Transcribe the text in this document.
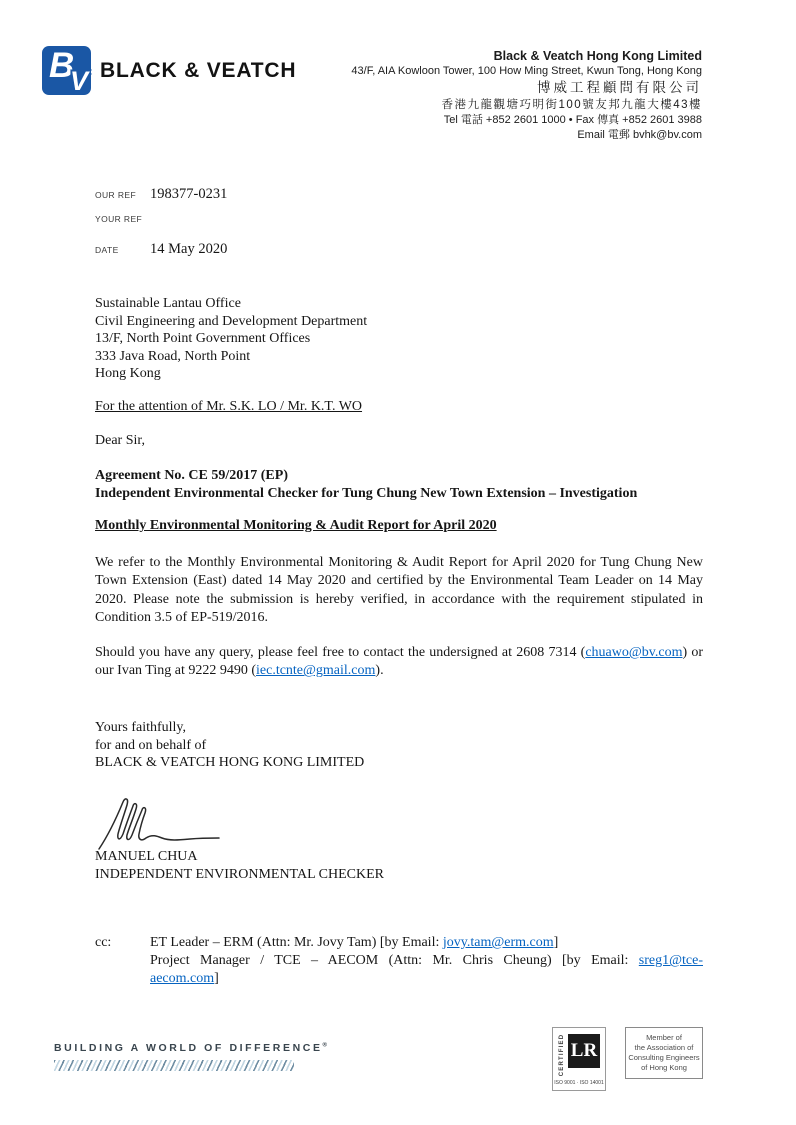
B
V BLACK & VEATCH
Black & Veatch Hong Kong Limited
43/F, AIA Kowloon Tower, 100 How Ming Street, Kwun Tong, Hong Kong
博威工程顧問有限公司
香港九龍觀塘巧明街100號友邦九龍大樓43樓
Tel 電話 +852 2601 1000 • Fax 傳真 +852 2601 3988
Email 電郵 bvhk@bv.com
OUR REF 198377-0231
YOUR REF
DATE	14 May 2020
Sustainable Lantau Office
Civil Engineering and Development Department
13/F, North Point Government Offices
333 Java Road, North Point
Hong Kong
For the attention of Mr. S.K. LO / Mr. K.T. WO
Dear Sir,
Agreement No. CE 59/2017 (EP)
Independent Environmental Checker for Tung Chung New Town Extension – Investigation
Monthly Environmental Monitoring & Audit Report for April 2020
We refer to the Monthly Environmental Monitoring & Audit Report for April 2020 for Tung Chung New Town Extension (East) dated 14 May 2020 and certified by the Environmental Team Leader on 14 May 2020. Please note the submission is hereby verified, in accordance with the requirement stipulated in Condition 3.5 of EP-519/2016.
Should you have any query, please feel free to contact the undersigned at 2608 7314 (chuawo@bv.com) or our Ivan Ting at 9222 9490 (iec.tcnte@gmail.com).
Yours faithfully,
for and on behalf of
BLACK & VEATCH HONG KONG LIMITED
MANUEL CHUA
INDEPENDENT ENVIRONMENTAL CHECKER
cc:	ET Leader – ERM (Attn: Mr. Jovy Tam) [by Email: jovy.tam@erm.com]
Project Manager / TCE – AECOM (Attn: Mr. Chris Cheung) [by Email: sreg1@tce-
aecom.com]
BUILDING A WORLD OF DIFFERENCE®	CERTIFIED LR
ISO 9001 · ISO 14001
Member of
the Association of
Consulting Engineers
of Hong Kong
